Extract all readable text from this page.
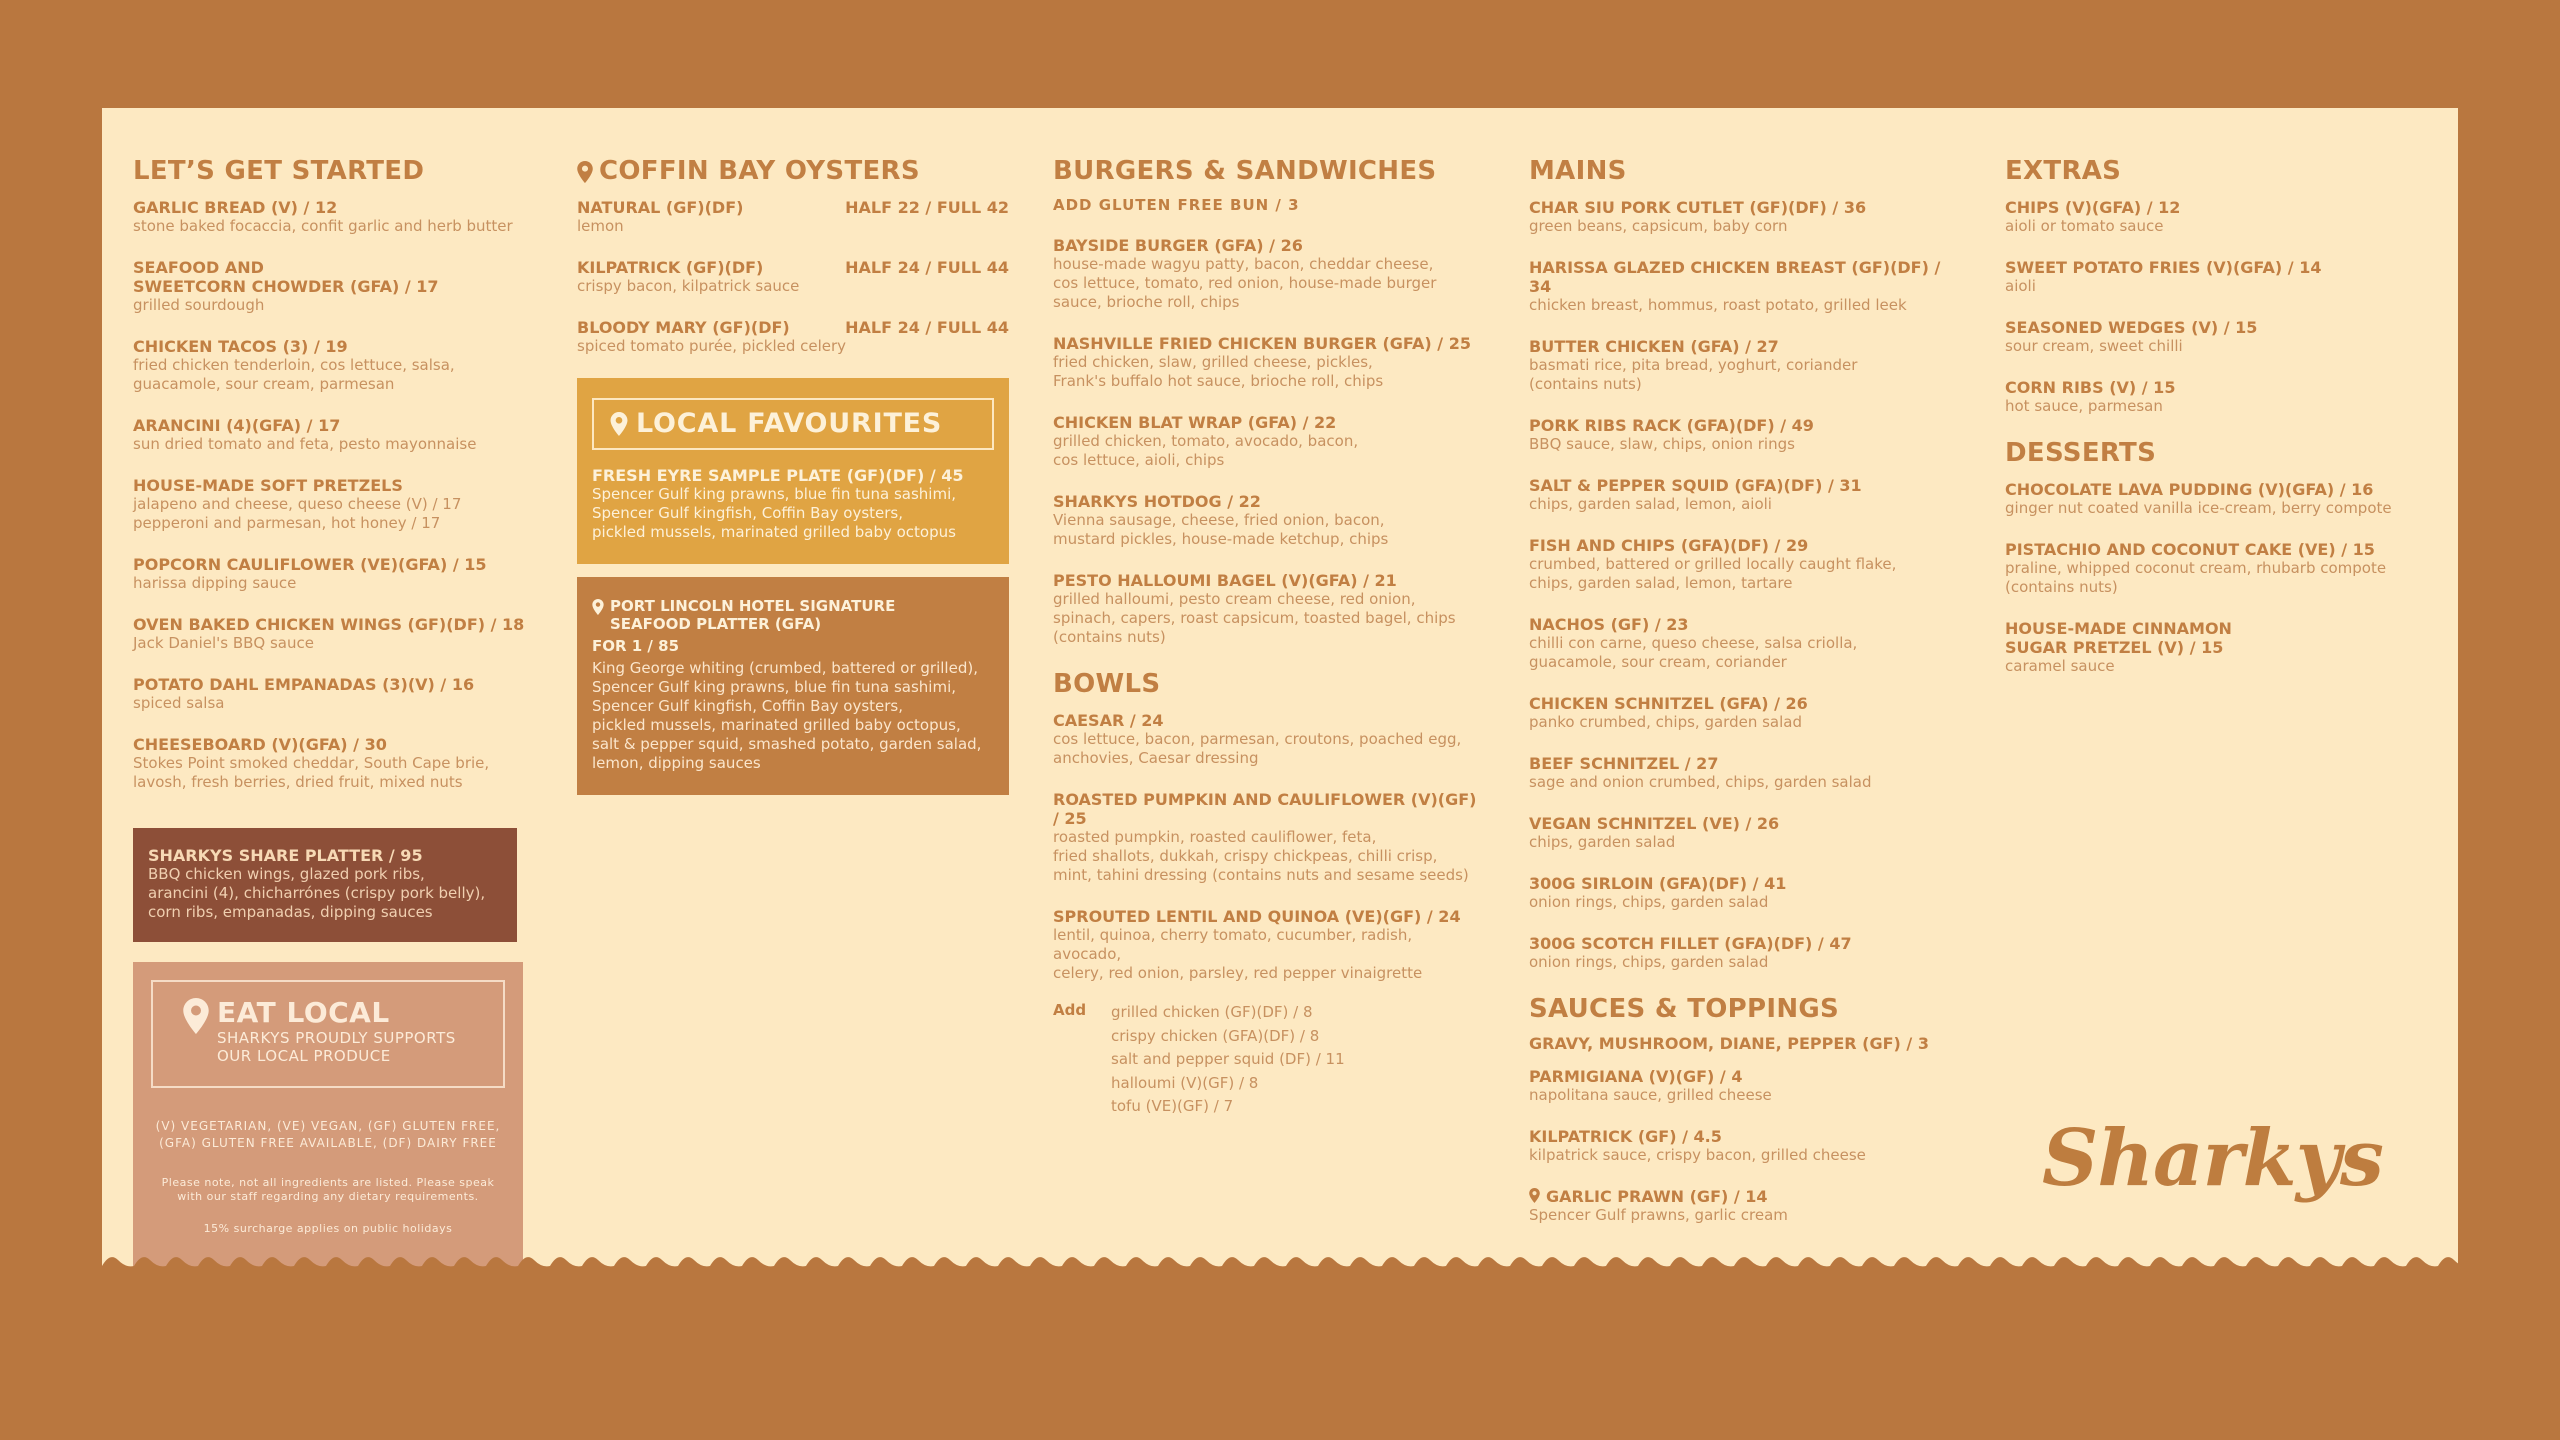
LET’S GET STARTED
GARLIC BREAD (V) / 12
stone baked focaccia, confit garlic and herb butter
SEAFOOD AND
SWEETCORN CHOWDER (GFA) / 17
grilled sourdough
CHICKEN TACOS (3) / 19
fried chicken tenderloin, cos lettuce, salsa,
guacamole, sour cream, parmesan
ARANCINI (4)(GFA) / 17
sun dried tomato and feta, pesto mayonnaise
HOUSE-MADE SOFT PRETZELS
jalapeno and cheese, queso cheese (V) / 17
pepperoni and parmesan, hot honey / 17
POPCORN CAULIFLOWER (VE)(GFA) / 15
harissa dipping sauce
OVEN BAKED CHICKEN WINGS (GF)(DF) / 18
Jack Daniel's BBQ sauce
POTATO DAHL EMPANADAS (3)(V) / 16
spiced salsa
CHEESEBOARD (V)(GFA) / 30
Stokes Point smoked cheddar, South Cape brie,
lavosh, fresh berries, dried fruit, mixed nuts
SHARKYS SHARE PLATTER / 95
BBQ chicken wings, glazed pork ribs,
arancini (4), chicharrónes (crispy pork belly),
corn ribs, empanadas, dipping sauces
EAT LOCAL
SHARKYS PROUDLY SUPPORTS
OUR LOCAL PRODUCE
(V) VEGETARIAN, (VE) VEGAN, (GF) GLUTEN FREE,
(GFA) GLUTEN FREE AVAILABLE, (DF) DAIRY FREE
Please note, not all ingredients are listed. Please speak
with our staff regarding any dietary requirements.
15% surcharge applies on public holidays
COFFIN BAY OYSTERS
NATURAL (GF)(DF)	HALF 22 / FULL 42
lemon
KILPATRICK (GF)(DF)	HALF 24 / FULL 44
crispy bacon, kilpatrick sauce
BLOODY MARY (GF)(DF)	HALF 24 / FULL 44
spiced tomato purée, pickled celery
LOCAL FAVOURITES
FRESH EYRE SAMPLE PLATE (GF)(DF) / 45
Spencer Gulf king prawns, blue fin tuna sashimi,
Spencer Gulf kingfish, Coffin Bay oysters,
pickled mussels, marinated grilled baby octopus
PORT LINCOLN HOTEL SIGNATURE
SEAFOOD PLATTER (GFA)
FOR 1 / 85
King George whiting (crumbed, battered or grilled),
Spencer Gulf king prawns, blue fin tuna sashimi,
Spencer Gulf kingfish, Coffin Bay oysters,
pickled mussels, marinated grilled baby octopus,
salt & pepper squid, smashed potato, garden salad,
lemon, dipping sauces
BURGERS & SANDWICHES
ADD GLUTEN FREE BUN / 3
BAYSIDE BURGER (GFA) / 26
house-made wagyu patty, bacon, cheddar cheese,
cos lettuce, tomato, red onion, house-made burger
sauce, brioche roll, chips
NASHVILLE FRIED CHICKEN BURGER (GFA) / 25
fried chicken, slaw, grilled cheese, pickles,
Frank's buffalo hot sauce, brioche roll, chips
CHICKEN BLAT WRAP (GFA) / 22
grilled chicken, tomato, avocado, bacon,
cos lettuce, aioli, chips
SHARKYS HOTDOG / 22
Vienna sausage, cheese, fried onion, bacon,
mustard pickles, house-made ketchup, chips
PESTO HALLOUMI BAGEL (V)(GFA) / 21
grilled halloumi, pesto cream cheese, red onion,
spinach, capers, roast capsicum, toasted bagel, chips
(contains nuts)
BOWLS
CAESAR / 24
cos lettuce, bacon, parmesan, croutons, poached egg,
anchovies, Caesar dressing
ROASTED PUMPKIN AND CAULIFLOWER (V)(GF) / 25
roasted pumpkin, roasted cauliflower, feta,
fried shallots, dukkah, crispy chickpeas, chilli crisp,
mint, tahini dressing (contains nuts and sesame seeds)
SPROUTED LENTIL AND QUINOA (VE)(GF) / 24
lentil, quinoa, cherry tomato, cucumber, radish, avocado,
celery, red onion, parsley, red pepper vinaigrette
Add	grilled chicken (GF)(DF) / 8
crispy chicken (GFA)(DF) / 8
salt and pepper squid (DF) / 11
halloumi (V)(GF) / 8
tofu (VE)(GF) / 7
MAINS
CHAR SIU PORK CUTLET (GF)(DF) / 36
green beans, capsicum, baby corn
HARISSA GLAZED CHICKEN BREAST (GF)(DF) / 34
chicken breast, hommus, roast potato, grilled leek
BUTTER CHICKEN (GFA) / 27
basmati rice, pita bread, yoghurt, coriander
(contains nuts)
PORK RIBS RACK (GFA)(DF) / 49
BBQ sauce, slaw, chips, onion rings
SALT & PEPPER SQUID (GFA)(DF) / 31
chips, garden salad, lemon, aioli
FISH AND CHIPS (GFA)(DF) / 29
crumbed, battered or grilled locally caught flake,
chips, garden salad, lemon, tartare
NACHOS (GF) / 23
chilli con carne, queso cheese, salsa criolla,
guacamole, sour cream, coriander
CHICKEN SCHNITZEL (GFA) / 26
panko crumbed, chips, garden salad
BEEF SCHNITZEL / 27
sage and onion crumbed, chips, garden salad
VEGAN SCHNITZEL (VE) / 26
chips, garden salad
300G SIRLOIN (GFA)(DF) / 41
onion rings, chips, garden salad
300G SCOTCH FILLET (GFA)(DF) / 47
onion rings, chips, garden salad
SAUCES & TOPPINGS
GRAVY, MUSHROOM, DIANE, PEPPER (GF) / 3
PARMIGIANA (V)(GF) / 4
napolitana sauce, grilled cheese
KILPATRICK (GF) / 4.5
kilpatrick sauce, crispy bacon, grilled cheese
GARLIC PRAWN (GF) / 14
Spencer Gulf prawns, garlic cream
EXTRAS
CHIPS (V)(GFA) / 12
aioli or tomato sauce
SWEET POTATO FRIES (V)(GFA) / 14
aioli
SEASONED WEDGES (V) / 15
sour cream, sweet chilli
CORN RIBS (V) / 15
hot sauce, parmesan
DESSERTS
CHOCOLATE LAVA PUDDING (V)(GFA) / 16
ginger nut coated vanilla ice-cream, berry compote
PISTACHIO AND COCONUT CAKE (VE) / 15
praline, whipped coconut cream, rhubarb compote
(contains nuts)
HOUSE-MADE CINNAMON
SUGAR PRETZEL (V) / 15
caramel sauce
Sharkys
